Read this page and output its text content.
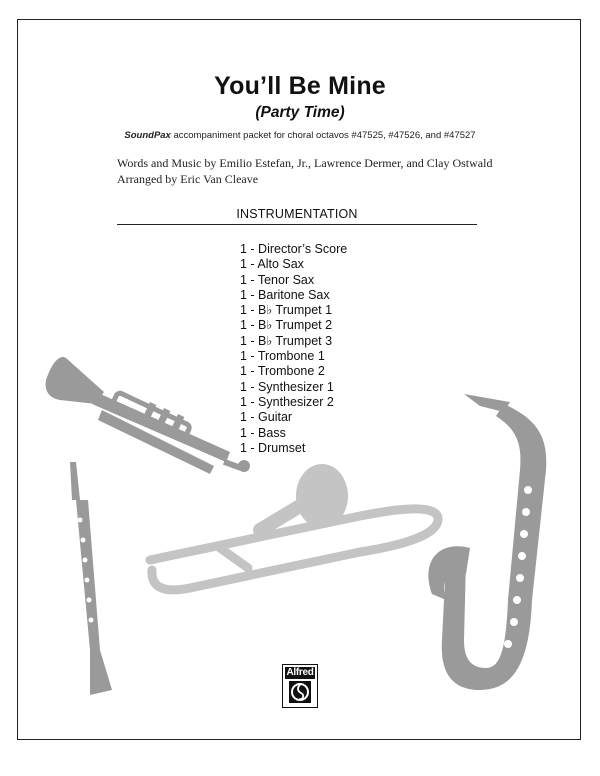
You’ll Be Mine
(Party Time)
SoundPax accompaniment packet for choral octavos #47525, #47526, and #47527
Words and Music by Emilio Estefan, Jr., Lawrence Dermer, and Clay Ostwald
Arranged by Eric Van Cleave
INSTRUMENTATION
1 - Director’s Score
1 - Alto Sax
1 - Tenor Sax
1 - Baritone Sax
1 - B♭ Trumpet 1
1 - B♭ Trumpet 2
1 - B♭ Trumpet 3
1 - Trombone 1
1 - Trombone 2
1 - Synthesizer 1
1 - Synthesizer 2
1 - Guitar
1 - Bass
1 - Drumset
Alfred
